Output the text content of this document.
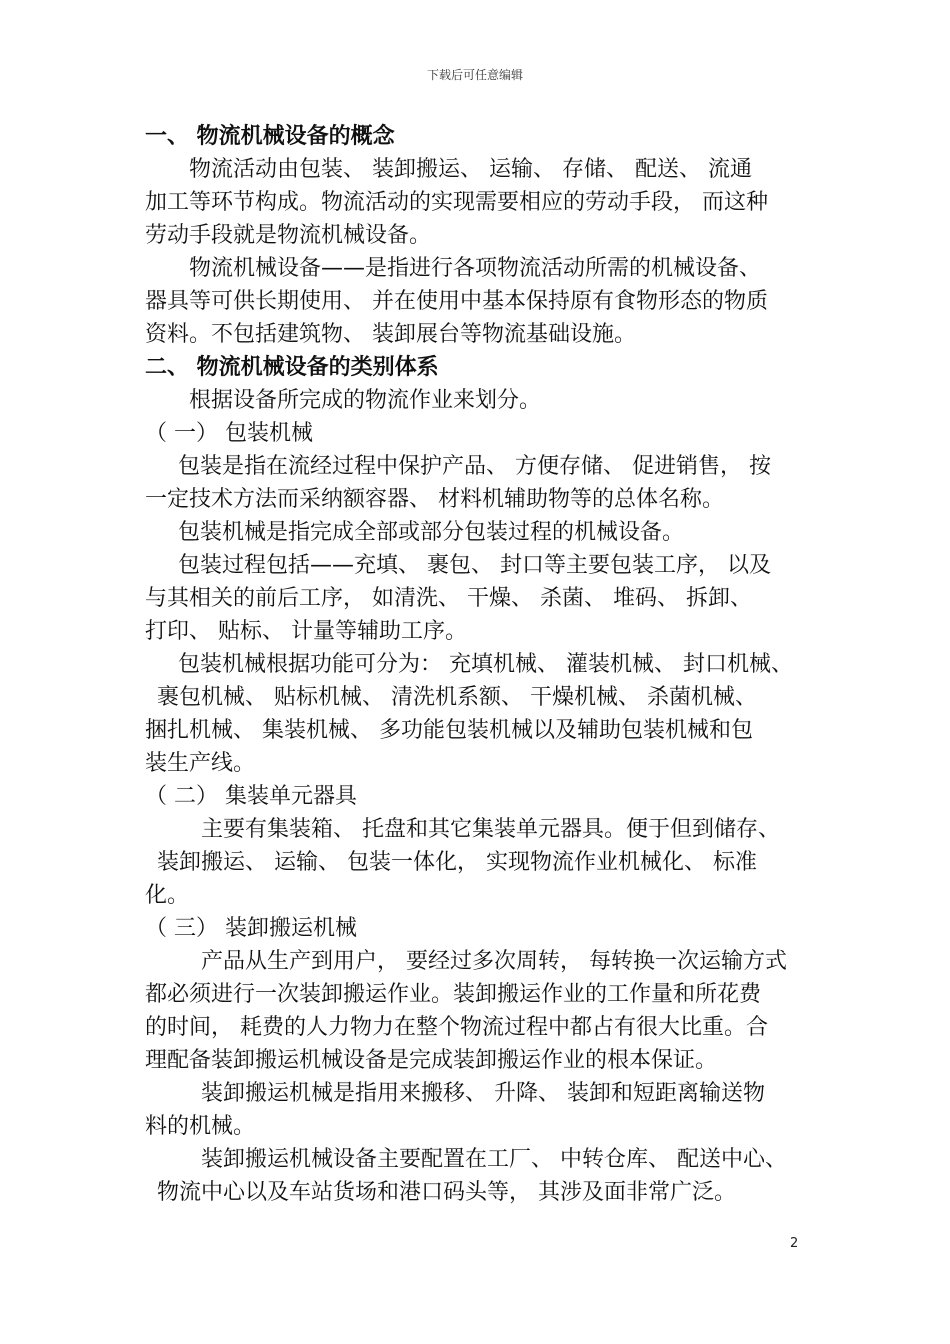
下载后可任意编辑

一、 物流机械设备的概念

物流活动由包装、 装卸搬运、 运输、 存储、 配送、 流通

加工等环节构成。物流活动的实现需要相应的劳动手段， 而这种

劳动手段就是物流机械设备。

物流机械设备——是指进行各项物流活动所需的机械设备、

器具等可供长期使用、 并在使用中基本保持原有食物形态的物质

资料。不包括建筑物、 装卸展台等物流基础设施。

二、 物流机械设备的类别体系

根据设备所完成的物流作业来划分。

（ 一） 包装机械

包装是指在流经过程中保护产品、 方便存储、 促进销售， 按

一定技术方法而采纳额容器、 材料机辅助物等的总体名称。

包装机械是指完成全部或部分包装过程的机械设备。

包装过程包括——充填、 裹包、 封口等主要包装工序， 以及

与其相关的前后工序， 如清洗、 干燥、 杀菌、 堆码、 拆卸、

打印、 贴标、 计量等辅助工序。

包装机械根据功能可分为： 充填机械、 灌装机械、 封口机械、

裹包机械、 贴标机械、 清洗机系额、 干燥机械、 杀菌机械、

捆扎机械、 集装机械、 多功能包装机械以及辅助包装机械和包

装生产线。

（ 二） 集装单元器具

主要有集装箱、 托盘和其它集装单元器具。便于但到储存、

装卸搬运、 运输、 包装一体化， 实现物流作业机械化、 标准

化。

（ 三） 装卸搬运机械

产品从生产到用户， 要经过多次周转， 每转换一次运输方式

都必须进行一次装卸搬运作业。装卸搬运作业的工作量和所花费

的时间， 耗费的人力物力在整个物流过程中都占有很大比重。合

理配备装卸搬运机械设备是完成装卸搬运作业的根本保证。

装卸搬运机械是指用来搬移、 升降、 装卸和短距离输送物

料的机械。

装卸搬运机械设备主要配置在工厂、 中转仓库、 配送中心、

物流中心以及车站货场和港口码头等， 其涉及面非常广泛。

2
